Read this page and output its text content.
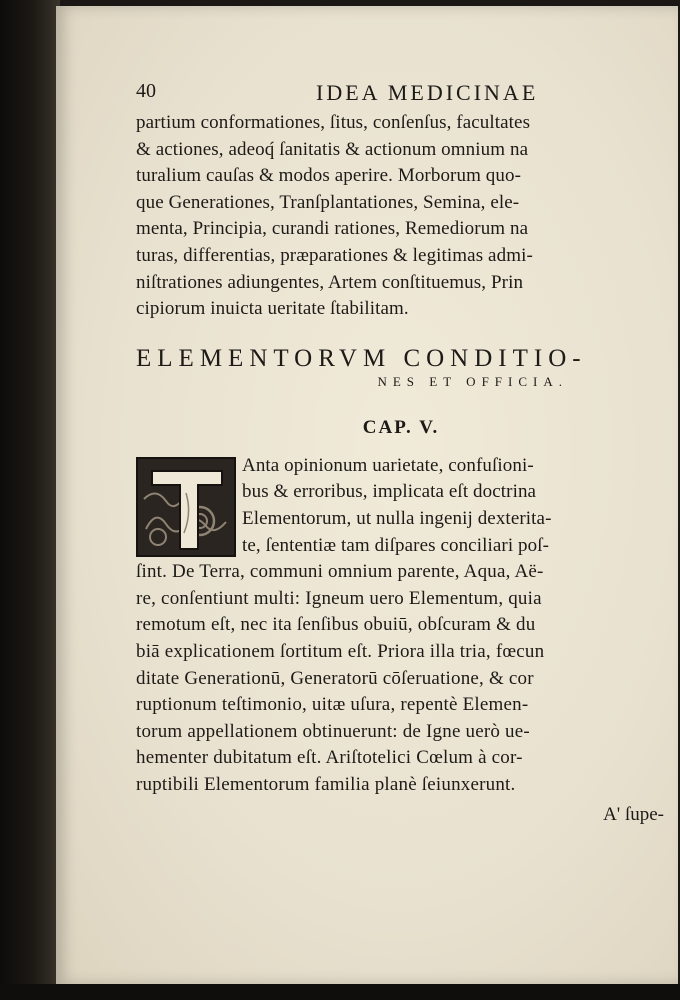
40	IDEA MEDICINAE
partium conformationes, ſitus, conſenſus, facultates
& actiones, adeoq́ ſanitatis & actionum omnium na
turalium cauſas & modos aperire. Morborum quo-
que Generationes, Tranſplantationes, Semina, ele-
menta, Principia, curandi rationes, Remediorum na
turas, differentias, præparationes & legitimas admi-
niſtrationes adiungentes, Artem conſtituemus, Prin
cipiorum inuicta ueritate ſtabilitam.
ELEMENTORVM CONDITIO-
NES ET OFFICIA.
CAP. V.
Anta opinionum uarietate, confuſioni-
bus & erroribus, implicata eſt doctrina
Elementorum, ut nulla ingenij dexterita-
te, ſententiæ tam diſpares conciliari poſ-
ſint. De Terra, communi omnium parente, Aqua, Aë-
re, conſentiunt multi: Igneum uero Elementum, quia
remotum eſt, nec ita ſenſibus obuiū, obſcuram & du
biā explicationem ſortitum eſt. Priora illa tria, fœcun
ditate Generationū, Generatorū cōſeruatione, & cor
ruptionum teſtimonio, uitæ uſura, repentè Elemen-
torum appellationem obtinuerunt: de Igne uerò ue-
hementer dubitatum eſt. Ariſtotelici Cœlum à cor-
ruptibili Elementorum familia planè ſeiunxerunt.
A' ſupe-
